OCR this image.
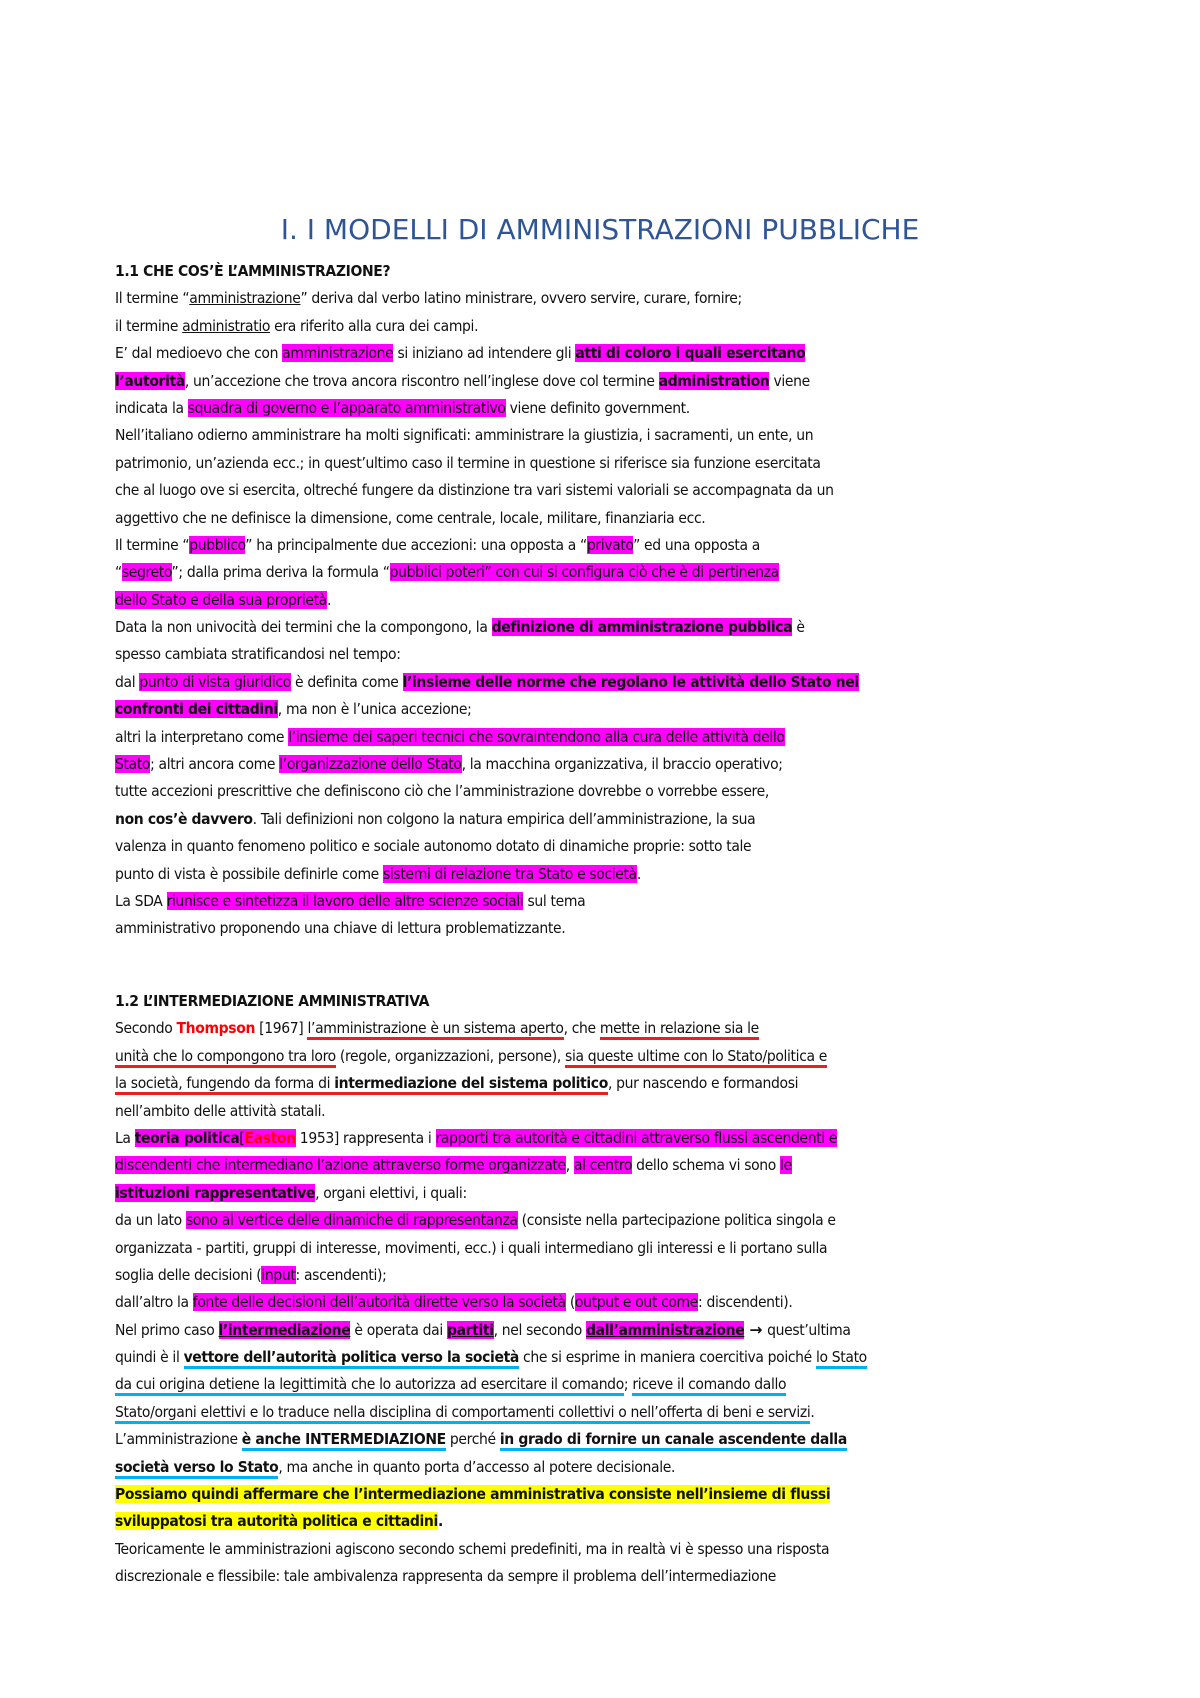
I. I MODELLI DI AMMINISTRAZIONI PUBBLICHE
1.1 CHE COS’È L’AMMINISTRAZIONE?
Il termine “amministrazione” deriva dal verbo latino ministrare, ovvero servire, curare, fornire;
il termine administratio era riferito alla cura dei campi.
E’ dal medioevo che con amministrazione si iniziano ad intendere gli atti di coloro i quali esercitano
l’autorità, un’accezione che trova ancora riscontro nell’inglese dove col termine administration viene
indicata la squadra di governo e l’apparato amministrativo viene definito government.
Nell’italiano odierno amministrare ha molti significati: amministrare la giustizia, i sacramenti, un ente, un
patrimonio, un’azienda ecc.; in quest’ultimo caso il termine in questione si riferisce sia funzione esercitata
che al luogo ove si esercita, oltreché fungere da distinzione tra vari sistemi valoriali se accompagnata da un
aggettivo che ne definisce la dimensione, come centrale, locale, militare, finanziaria ecc.
Il termine “pubblico” ha principalmente due accezioni: una opposta a “privato” ed una opposta a
“segreto”; dalla prima deriva la formula “pubblici poteri” con cui si configura ciò che è di pertinenza
dello Stato e della sua proprietà.
Data la non univocità dei termini che la compongono, la definizione di amministrazione pubblica è
spesso cambiata stratificandosi nel tempo:
dal punto di vista giuridico è definita come l’insieme delle norme che regolano le attività dello Stato nei
confronti dei cittadini, ma non è l’unica accezione;
altri la interpretano come l’insieme dei saperi tecnici che sovraintendono alla cura delle attività dello
Stato; altri ancora come l’organizzazione dello Stato, la macchina organizzativa, il braccio operativo;
tutte accezioni prescrittive che definiscono ciò che l’amministrazione dovrebbe o vorrebbe essere,
non cos’è davvero. Tali definizioni non colgono la natura empirica dell’amministrazione, la sua
valenza in quanto fenomeno politico e sociale autonomo dotato di dinamiche proprie: sotto tale
punto di vista è possibile definirle come sistemi di relazione tra Stato e società.
La SDA riunisce e sintetizza il lavoro delle altre scienze sociali sul tema
amministrativo proponendo una chiave di lettura problematizzante.
1.2 L’INTERMEDIAZIONE AMMINISTRATIVA
Secondo Thompson [1967] l’amministrazione è un sistema aperto, che mette in relazione sia le
unità che lo compongono tra loro (regole, organizzazioni, persone), sia queste ultime con lo Stato/politica e
la società, fungendo da forma di intermediazione del sistema politico, pur nascendo e formandosi
nell’ambito delle attività statali.
La teoria politica[Easton 1953] rappresenta i rapporti tra autorità e cittadini attraverso flussi ascendenti e
discendenti che intermediano l’azione attraverso forme organizzate, al centro dello schema vi sono le
istituzioni rappresentative, organi elettivi, i quali:
da un lato sono al vertice delle dinamiche di rappresentanza (consiste nella partecipazione politica singola e
organizzata - partiti, gruppi di interesse, movimenti, ecc.) i quali intermediano gli interessi e li portano sulla
soglia delle decisioni (input: ascendenti);
dall’altro la fonte delle decisioni dell’autorità dirette verso la società (output e out come: discendenti).
Nel primo caso l’intermediazione è operata dai partiti, nel secondo dall’amministrazione → quest’ultima
quindi è il vettore dell’autorità politica verso la società che si esprime in maniera coercitiva poiché lo Stato
da cui origina detiene la legittimità che lo autorizza ad esercitare il comando; riceve il comando dallo
Stato/organi elettivi e lo traduce nella disciplina di comportamenti collettivi o nell’offerta di beni e servizi.
L’amministrazione è anche INTERMEDIAZIONE perché in grado di fornire un canale ascendente dalla
società verso lo Stato, ma anche in quanto porta d’accesso al potere decisionale.
Possiamo quindi affermare che l’intermediazione amministrativa consiste nell’insieme di flussi
sviluppatosi tra autorità politica e cittadini.
Teoricamente le amministrazioni agiscono secondo schemi predefiniti, ma in realtà vi è spesso una risposta
discrezionale e flessibile: tale ambivalenza rappresenta da sempre il problema dell’intermediazione
